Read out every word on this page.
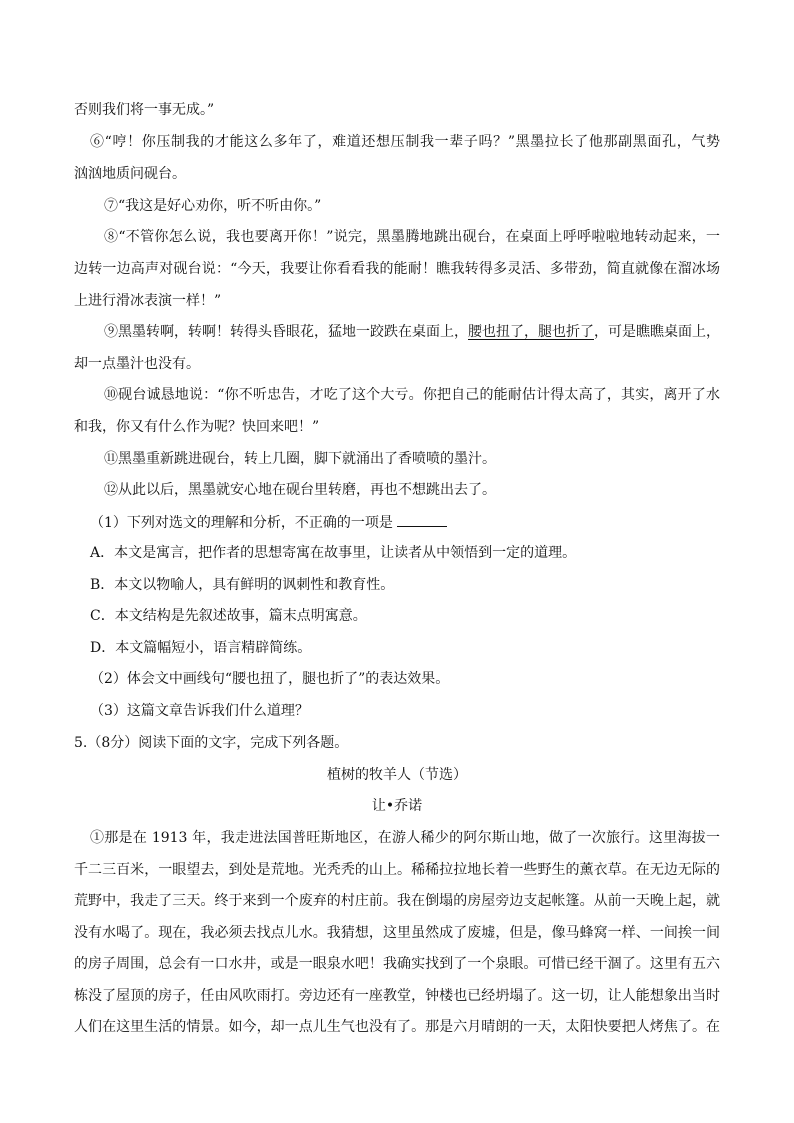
否则我们将一事无成。”
⑥“哼！你压制我的才能这么多年了，难道还想压制我一辈子吗？”黑墨拉长了他那副黑面孔，气势
汹汹地质问砚台。
⑦“我这是好心劝你，听不听由你。”
⑧“不管你怎么说，我也要离开你！”说完，黑墨腾地跳出砚台，在桌面上呼呼啦啦地转动起来，一
边转一边高声对砚台说：“今天，我要让你看看我的能耐！瞧我转得多灵活、多带劲，简直就像在溜冰场
上进行滑冰表演一样！”
⑨黑墨转啊，转啊！转得头昏眼花，猛地一跤跌在桌面上，腰也扭了，腿也折了，可是瞧瞧桌面上，
却一点墨汁也没有。
⑩砚台诚恳地说：“你不听忠告，才吃了这个大亏。你把自己的能耐估计得太高了，其实，离开了水
和我，你又有什么作为呢？快回来吧！”
⑪黑墨重新跳进砚台，转上几圈，脚下就涌出了香喷喷的墨汁。
⑫从此以后，黑墨就安心地在砚台里转磨，再也不想跳出去了。
（1）下列对选文的理解和分析，不正确的一项是
A．本文是寓言，把作者的思想寄寓在故事里，让读者从中领悟到一定的道理。
B．本文以物喻人，具有鲜明的讽刺性和教育性。
C．本文结构是先叙述故事，篇末点明寓意。
D．本文篇幅短小，语言精辟简练。
（2）体会文中画线句“腰也扭了，腿也折了”的表达效果。
（3）这篇文章告诉我们什么道理？
5.（8分）阅读下面的文字，完成下列各题。
植树的牧羊人（节选）
让•乔诺
①那是在 1913 年，我走进法国普旺斯地区，在游人稀少的阿尔斯山地，做了一次旅行。这里海拔一
千二三百米，一眼望去，到处是荒地。光秃秃的山上。稀稀拉拉地长着一些野生的薰衣草。在无边无际的
荒野中，我走了三天。终于来到一个废弃的村庄前。我在倒塌的房屋旁边支起帐篷。从前一天晚上起，就
没有水喝了。现在，我必须去找点儿水。我猜想，这里虽然成了废墟，但是，像马蜂窝一样、一间挨一间
的房子周围，总会有一口水井，或是一眼泉水吧！我确实找到了一个泉眼。可惜已经干涸了。这里有五六
栋没了屋顶的房子，任由风吹雨打。旁边还有一座教堂，钟楼也已经坍塌了。这一切，让人能想象出当时
人们在这里生活的情景。如今，却一点儿生气也没有了。那是六月晴朗的一天，太阳快要把人烤焦了。在
